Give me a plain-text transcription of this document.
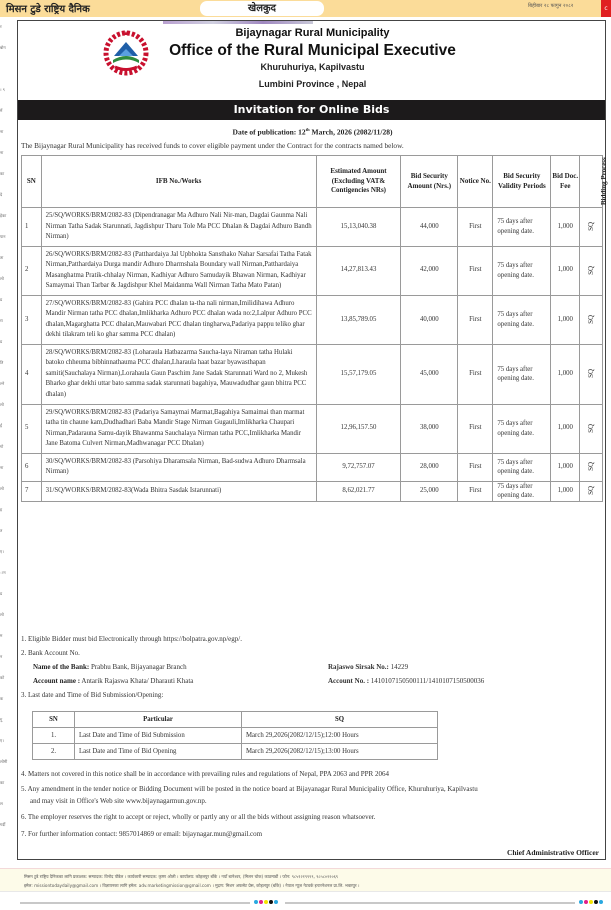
मिसन टुडे राष्ट्रिय दैनिक	खेलकुद	बिहीबार २८ फागुन २०८२	c
र
बोग
। ९
में
ना
ना
का
दे
हेका
पान
ता
लो
ड
रा
ड
ति
ल्ने
लो
ई
गो
ना
लो
ह
त
ए।
ान
ड
लो
म
न
को
क
गु
ए।
लोमी
का
ल
गर्दी
Bijaynagar Rural Municipality
Office of the Rural Municipal Executive
Khuruhuriya, Kapilvastu
Lumbini Province , Nepal
Invitation for Online Bids
Date of publication: 12th March, 2026 (2082/11/28)
The Bijaynagar Rural Municipality has received funds to cover eligible payment under the Contract for the contracts named below.
SN	IFB No./Works	Estimated Amount (Excluding VAT& Contigencies NRs)	Bid Security Amount (Nrs.)	Notice No.	Bid Security Validity Periods	Bid Doc. Fee	Bidding Process
1	25/SQ/WORKS/BRM/2082-83 (Dipendranagar Ma Adhuro Nali Nir-man, Dagdai Gaunma Nali Nirman Tatha Sadak Starunnati, Jagdishpur Tharu Tole Ma PCC Dhalan & Dagdai Adhuro Bandh Nirman)	15,13,040.38	44,000	First	75 days after opening date.	1,000	SQ
2	26/SQ/WORKS/BRM/2082-83 (Patthardaiya Jal Upbhokta Sansthako Nahar Sarsafai Tatha Fatak Nirman,Patthardaiya Durga mandir Adhuro Dharmshala Boundary wall Nirman,Patthardaiya Masanghatma Pratik-chhalay Nirman, Kadhiyar Adhuro Samudayik Bhawan Nirman, Kadhiyar Samaymai Than Tarbar & Jagdishpur Khel Maidanma Wall Nirman Tatha Mato Patan)	14,27,813.43	42,000	First	75 days after opening date.	1,000	SQ
3	27/SQ/WORKS/BRM/2082-83 (Gahira PCC dhalan ta-tha nali nirman,Imilidihawa Adhuro Mandir Nirman tatha PCC dhalan,Imlikharka Adhuro PCC dhalan wada no:2,Lalpur Adhuro PCC dhalan,Magarghatta PCC dhalan,Mauwabari PCC dhalan tingharwa,Padariya pappu teliko ghar dekhi tilakram teli ko ghar samma PCC dhalan)	13,85,789.05	40,000	First	75 days after opening date.	1,000	SQ
4	28/SQ/WORKS/BRM/2082-83 (Loharaula Hatbazarma Saucha-laya Niraman tatha Hulaki batoko chheuma bibhinnathauma PCC dhalan,Lharaula haat bazar byawasthapan samiti(Sauchalaya Nirman),Lorahaula Gaun Paschim Jane Sadak Starunnati Ward no 2, Mukesh Bharko ghar dekhi uttar bato samma sadak starunnati bagahiya, Mauwadudhar gaun bhitra PCC dhalan)	15,57,179.05	45,000	First	75 days after opening date.	1,000	SQ
5	29/SQ/WORKS/BRM/2082-83 (Padariya Samaymai Marmat,Bagahiya Samaimai than marmat tatha tin chaune kam,Dudhadhari Baba Mandir Stage Nirman Gugauli,Imlikharka Chaupari Nirman,Padarauna Samu-dayik Bhawanma Sauchalaya Nirman tatha PCC,Imlikharka Mandir Jane Batoma Culvert Nirman,Madhwanagar PCC Dhalan)	12,96,157.50	38,000	First	75 days after opening date.	1,000	SQ
6	30/SQ/WORKS/BRM/2082-83 (Parsohiya Dharamsala Nirman, Bad-sudwa Adhuro Dharmsala Nirman)	9,72,757.07	28,000	First	75 days after opening date.	1,000	SQ
7	31/SQ/WORKS/BRM/2082-83(Wada Bhitra Sasdak Istarunnati)	8,62,021.77	25,000	First	75 days after opening date.	1,000	SQ
1. Eligible Bidder must bid Electronically through https://bolpatra.gov.np/egp/.
2. Bank Account No.
Name of the Bank: Prabhu Bank, Bijayanagar Branch	Rajaswo Sirsak No.: 14229
Account name : Antarik Rajaswa Khata/ Dharauti Khata	Account No. : 1410107150500111/1410107150500036
3. Last date and Time of Bid Submission/Opening:
4. Matters not covered in this notice shall be in accordance with prevailing rules and regulations of Nepal, PPA 2063 and PPR 2064
5. Any amendment in the tender notice or Bidding Document will be posted in the notice board at Bijayanagar Rural Municipality Office, Khuruhuriya, Kapilvastu
and may visit in Office's Web site www.bijaynagarmun.gov.np.
6. The employer reserves the right to accept or reject, wholly or partly any or all the bids without assigning reason whatsoever.
7. For further information contact: 9857014869 or email: bijaynagar.mun@gmail.com
SN	Particular	SQ
1.	Last Date and Time of Bid Submission	March 29,2026(2082/12/15);12:00 Hours
2.	Last Date and Time of Bid Opening	March 29,2026(2082/12/15);13:00 Hours
Chief Administrative Officer
मिसन टुडे राष्ट्रिय दैनिकका लागि प्रकाशक: सम्पादक: विनोद पौडेल । कार्यकारी सम्पादक: कृष्ण ओली । कार्यालय: कोहलपुर बाँके । नयाँ बानेश्वर, (मिलन चोक) काठमाडौं । फोन: ९८५१२१९९९९, ९८५८०२२०६९
इमेल: missiontodaydaily@gmail.com । विज्ञापनका लागि इमेल: adv.marketingmission@gmail.com । मुद्रण: मिशन अफसेट प्रेस, कोहलपुर (बाँके) । नेपाल न्यूज नेटवर्क इन्टरनेशनल प्रा.लि. भक्तपुर ।
